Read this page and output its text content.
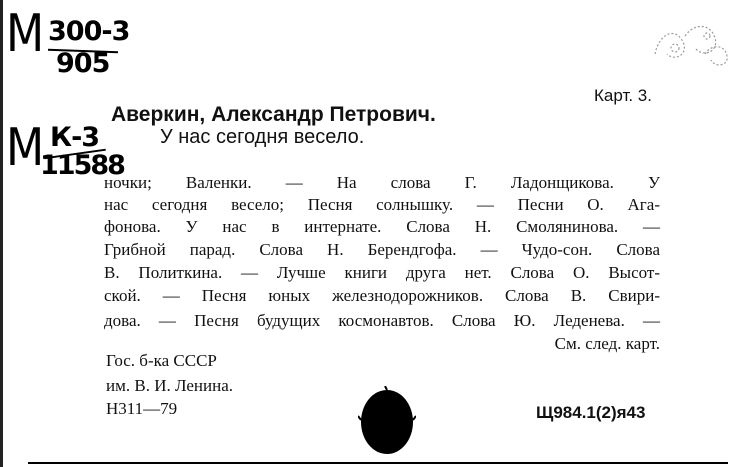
М 300-3
905
М К-3
11588
Карт. 3.
Аверкин, Александр Петрович.
У нас сегодня весело.
ночки; Валенки. — На слова Г. Ладонщикова. У
нас сегодня весело; Песня солнышку. — Песни О. Ага-
фонова. У нас в интернате. Слова Н. Смолянинова. —
Грибной парад. Слова Н. Берендгофа. — Чудо-сон. Слова
В. Политкина. — Лучше книги друга нет. Слова О. Высот-
ской. — Песня юных железнодорожников. Слова В. Свири-
дова. — Песня будущих космонавтов. Слова Ю. Леденева. —
См. след. карт.
Гос. б-ка СССР
им. В. И. Ленина.
Н311—79	Щ984.1(2)я43
